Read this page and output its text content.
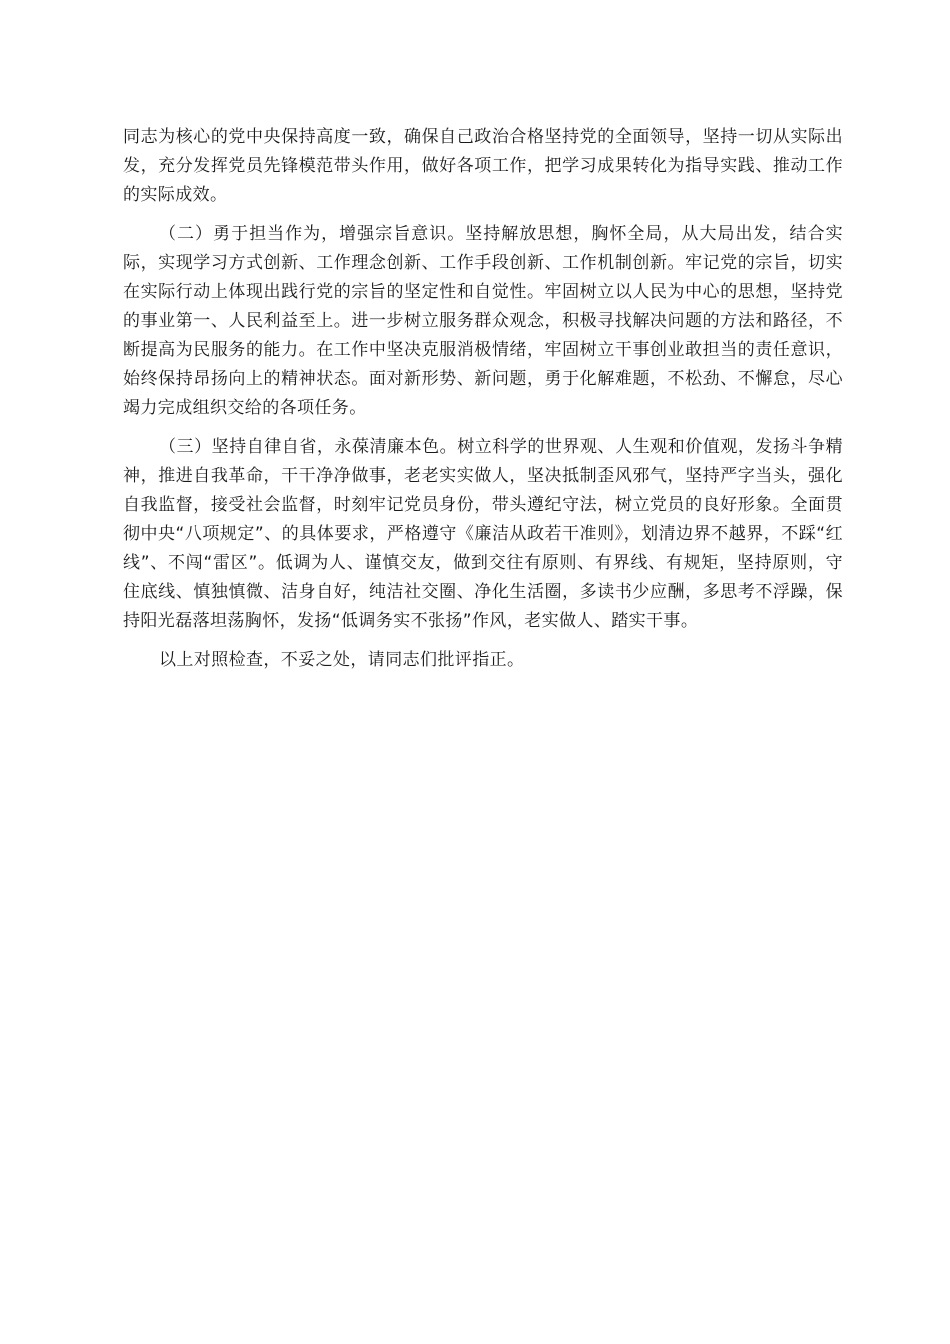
同志为核心的党中央保持高度一致，确保自己政治合格坚持党的全面领导，坚持一切从实际出发，充分发挥党员先锋模范带头作用，做好各项工作，把学习成果转化为指导实践、推动工作的实际成效。

（二）勇于担当作为，增强宗旨意识。坚持解放思想，胸怀全局，从大局出发，结合实际，实现学习方式创新、工作理念创新、工作手段创新、工作机制创新。牢记党的宗旨，切实在实际行动上体现出践行党的宗旨的坚定性和自觉性。牢固树立以人民为中心的思想，坚持党的事业第一、人民利益至上。进一步树立服务群众观念，积极寻找解决问题的方法和路径，不断提高为民服务的能力。在工作中坚决克服消极情绪，牢固树立干事创业敢担当的责任意识，始终保持昂扬向上的精神状态。面对新形势、新问题，勇于化解难题，不松劲、不懈怠，尽心竭力完成组织交给的各项任务。

（三）坚持自律自省，永葆清廉本色。树立科学的世界观、人生观和价值观，发扬斗争精神，推进自我革命，干干净净做事，老老实实做人，坚决抵制歪风邪气，坚持严字当头，强化自我监督，接受社会监督，时刻牢记党员身份，带头遵纪守法，树立党员的良好形象。全面贯彻中央“八项规定”、的具体要求，严格遵守《廉洁从政若干准则》，划清边界不越界，不踩“红线”、不闯“雷区”。低调为人、谨慎交友，做到交往有原则、有界线、有规矩，坚持原则，守住底线、慎独慎微、洁身自好，纯洁社交圈、净化生活圈，多读书少应酬，多思考不浮躁，保持阳光磊落坦荡胸怀，发扬“低调务实不张扬”作风，老实做人、踏实干事。

以上对照检查，不妥之处，请同志们批评指正。
